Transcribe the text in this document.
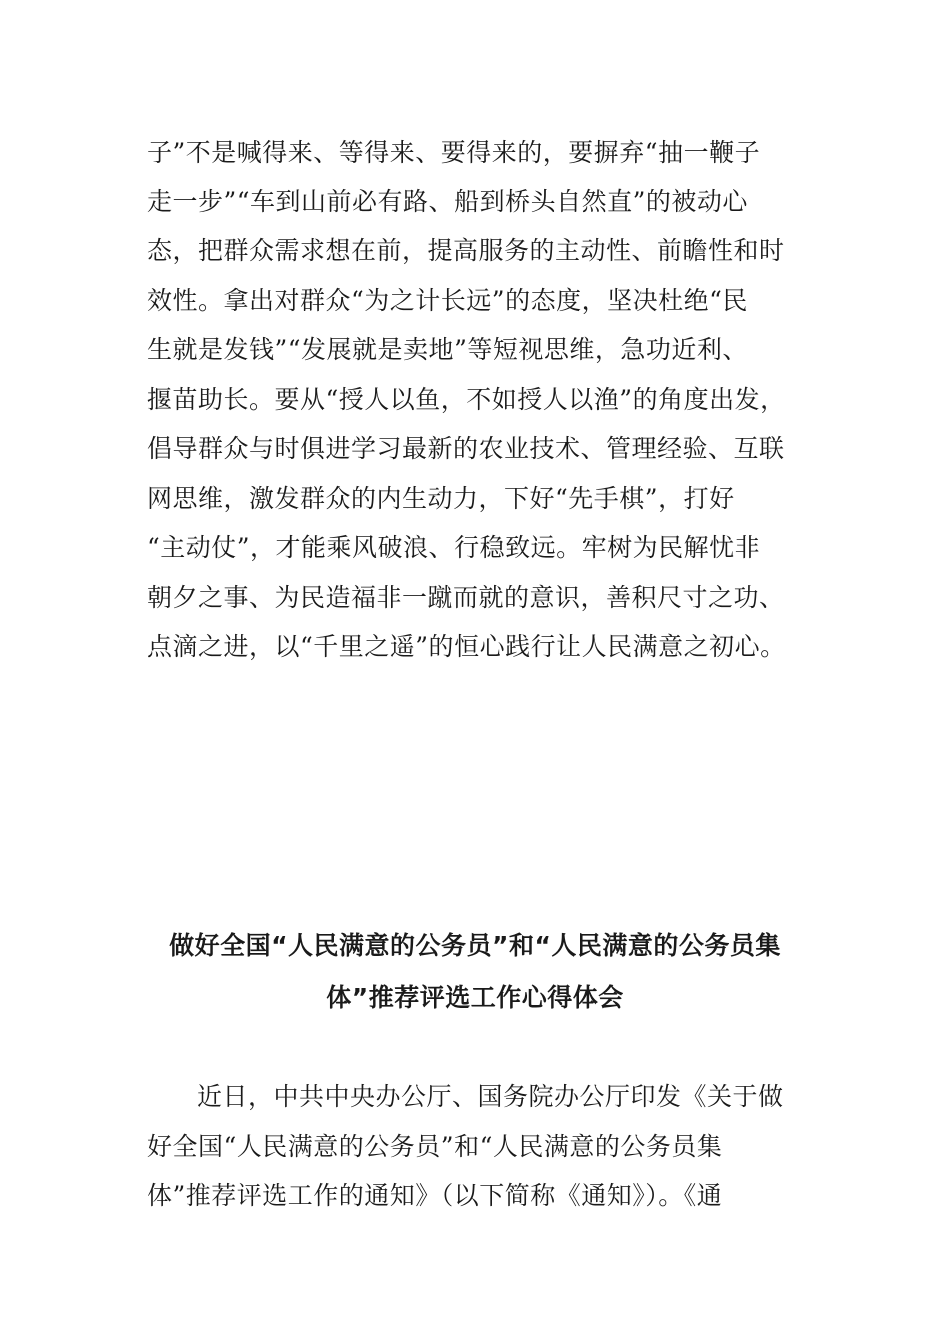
子”不是喊得来、等得来、要得来的，要摒弃“抽一鞭子
走一步”“车到山前必有路、船到桥头自然直”的被动心
态，把群众需求想在前，提高服务的主动性、前瞻性和时
效性。拿出对群众“为之计长远”的态度，坚决杜绝“民
生就是发钱”“发展就是卖地”等短视思维，急功近利、
揠苗助长。要从“授人以鱼，不如授人以渔”的角度出发，
倡导群众与时俱进学习最新的农业技术、管理经验、互联
网思维，激发群众的内生动力，下好“先手棋”，打好
“主动仗”，才能乘风破浪、行稳致远。牢树为民解忧非
朝夕之事、为民造福非一蹴而就的意识，善积尺寸之功、
点滴之进，以“千里之遥”的恒心践行让人民满意之初心。
做好全国“人民满意的公务员”和“人民满意的公务员集
体”推荐评选工作心得体会
近日，中共中央办公厅、国务院办公厅印发《关于做
好全国“人民满意的公务员”和“人民满意的公务员集
体”推荐评选工作的通知》（以下简称《通知》）。《通
